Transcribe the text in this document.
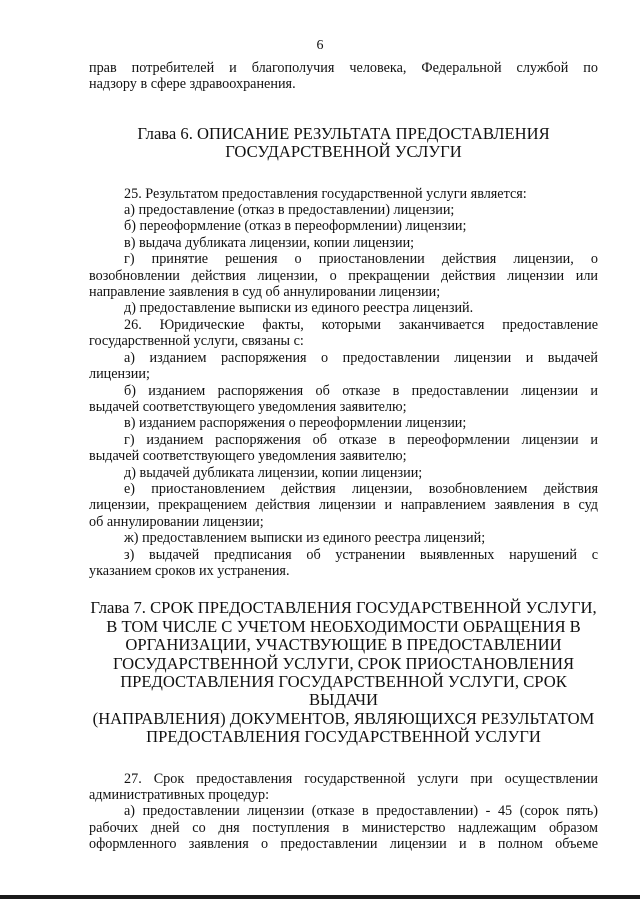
6

прав потребителей и благополучия человека, Федеральной службой по

надзору в сфере здравоохранения.

Глава 6. ОПИСАНИЕ РЕЗУЛЬТАТА ПРЕДОСТАВЛЕНИЯ

ГОСУДАРСТВЕННОЙ УСЛУГИ

25. Результатом предоставления государственной услуги является:

а) предоставление (отказ в предоставлении) лицензии;

б) переоформление (отказ в переоформлении) лицензии;

в) выдача дубликата лицензии, копии лицензии;

г) принятие решения о приостановлении действия лицензии, о

возобновлении действия лицензии, о прекращении действия лицензии или

направление заявления в суд об аннулировании лицензии;

д) предоставление выписки из единого реестра лицензий.

26. Юридические факты, которыми заканчивается предоставление

государственной услуги, связаны с:

а) изданием распоряжения о предоставлении лицензии и выдачей

лицензии;

б) изданием распоряжения об отказе в предоставлении лицензии и

выдачей соответствующего уведомления заявителю;

в) изданием распоряжения о переоформлении лицензии;

г) изданием распоряжения об отказе в переоформлении лицензии и

выдачей соответствующего уведомления заявителю;

д) выдачей дубликата лицензии, копии лицензии;

е) приостановлением действия лицензии, возобновлением действия

лицензии, прекращением действия лицензии и направлением заявления в суд

об аннулировании лицензии;

ж) предоставлением выписки из единого реестра лицензий;

з) выдачей предписания об устранении выявленных нарушений с

указанием сроков их устранения.

Глава 7. СРОК ПРЕДОСТАВЛЕНИЯ ГОСУДАРСТВЕННОЙ УСЛУГИ,

В ТОМ ЧИСЛЕ С УЧЕТОМ НЕОБХОДИМОСТИ ОБРАЩЕНИЯ В

ОРГАНИЗАЦИИ, УЧАСТВУЮЩИЕ В ПРЕДОСТАВЛЕНИИ

ГОСУДАРСТВЕННОЙ УСЛУГИ, СРОК ПРИОСТАНОВЛЕНИЯ

ПРЕДОСТАВЛЕНИЯ ГОСУДАРСТВЕННОЙ УСЛУГИ, СРОК ВЫДАЧИ

(НАПРАВЛЕНИЯ) ДОКУМЕНТОВ, ЯВЛЯЮЩИХСЯ РЕЗУЛЬТАТОМ

ПРЕДОСТАВЛЕНИЯ ГОСУДАРСТВЕННОЙ УСЛУГИ

27. Срок предоставления государственной услуги при осуществлении

административных процедур:

а) предоставлении лицензии (отказе в предоставлении) - 45 (сорок пять)

рабочих дней со дня поступления в министерство надлежащим образом

оформленного заявления о предоставлении лицензии и в полном объеме
